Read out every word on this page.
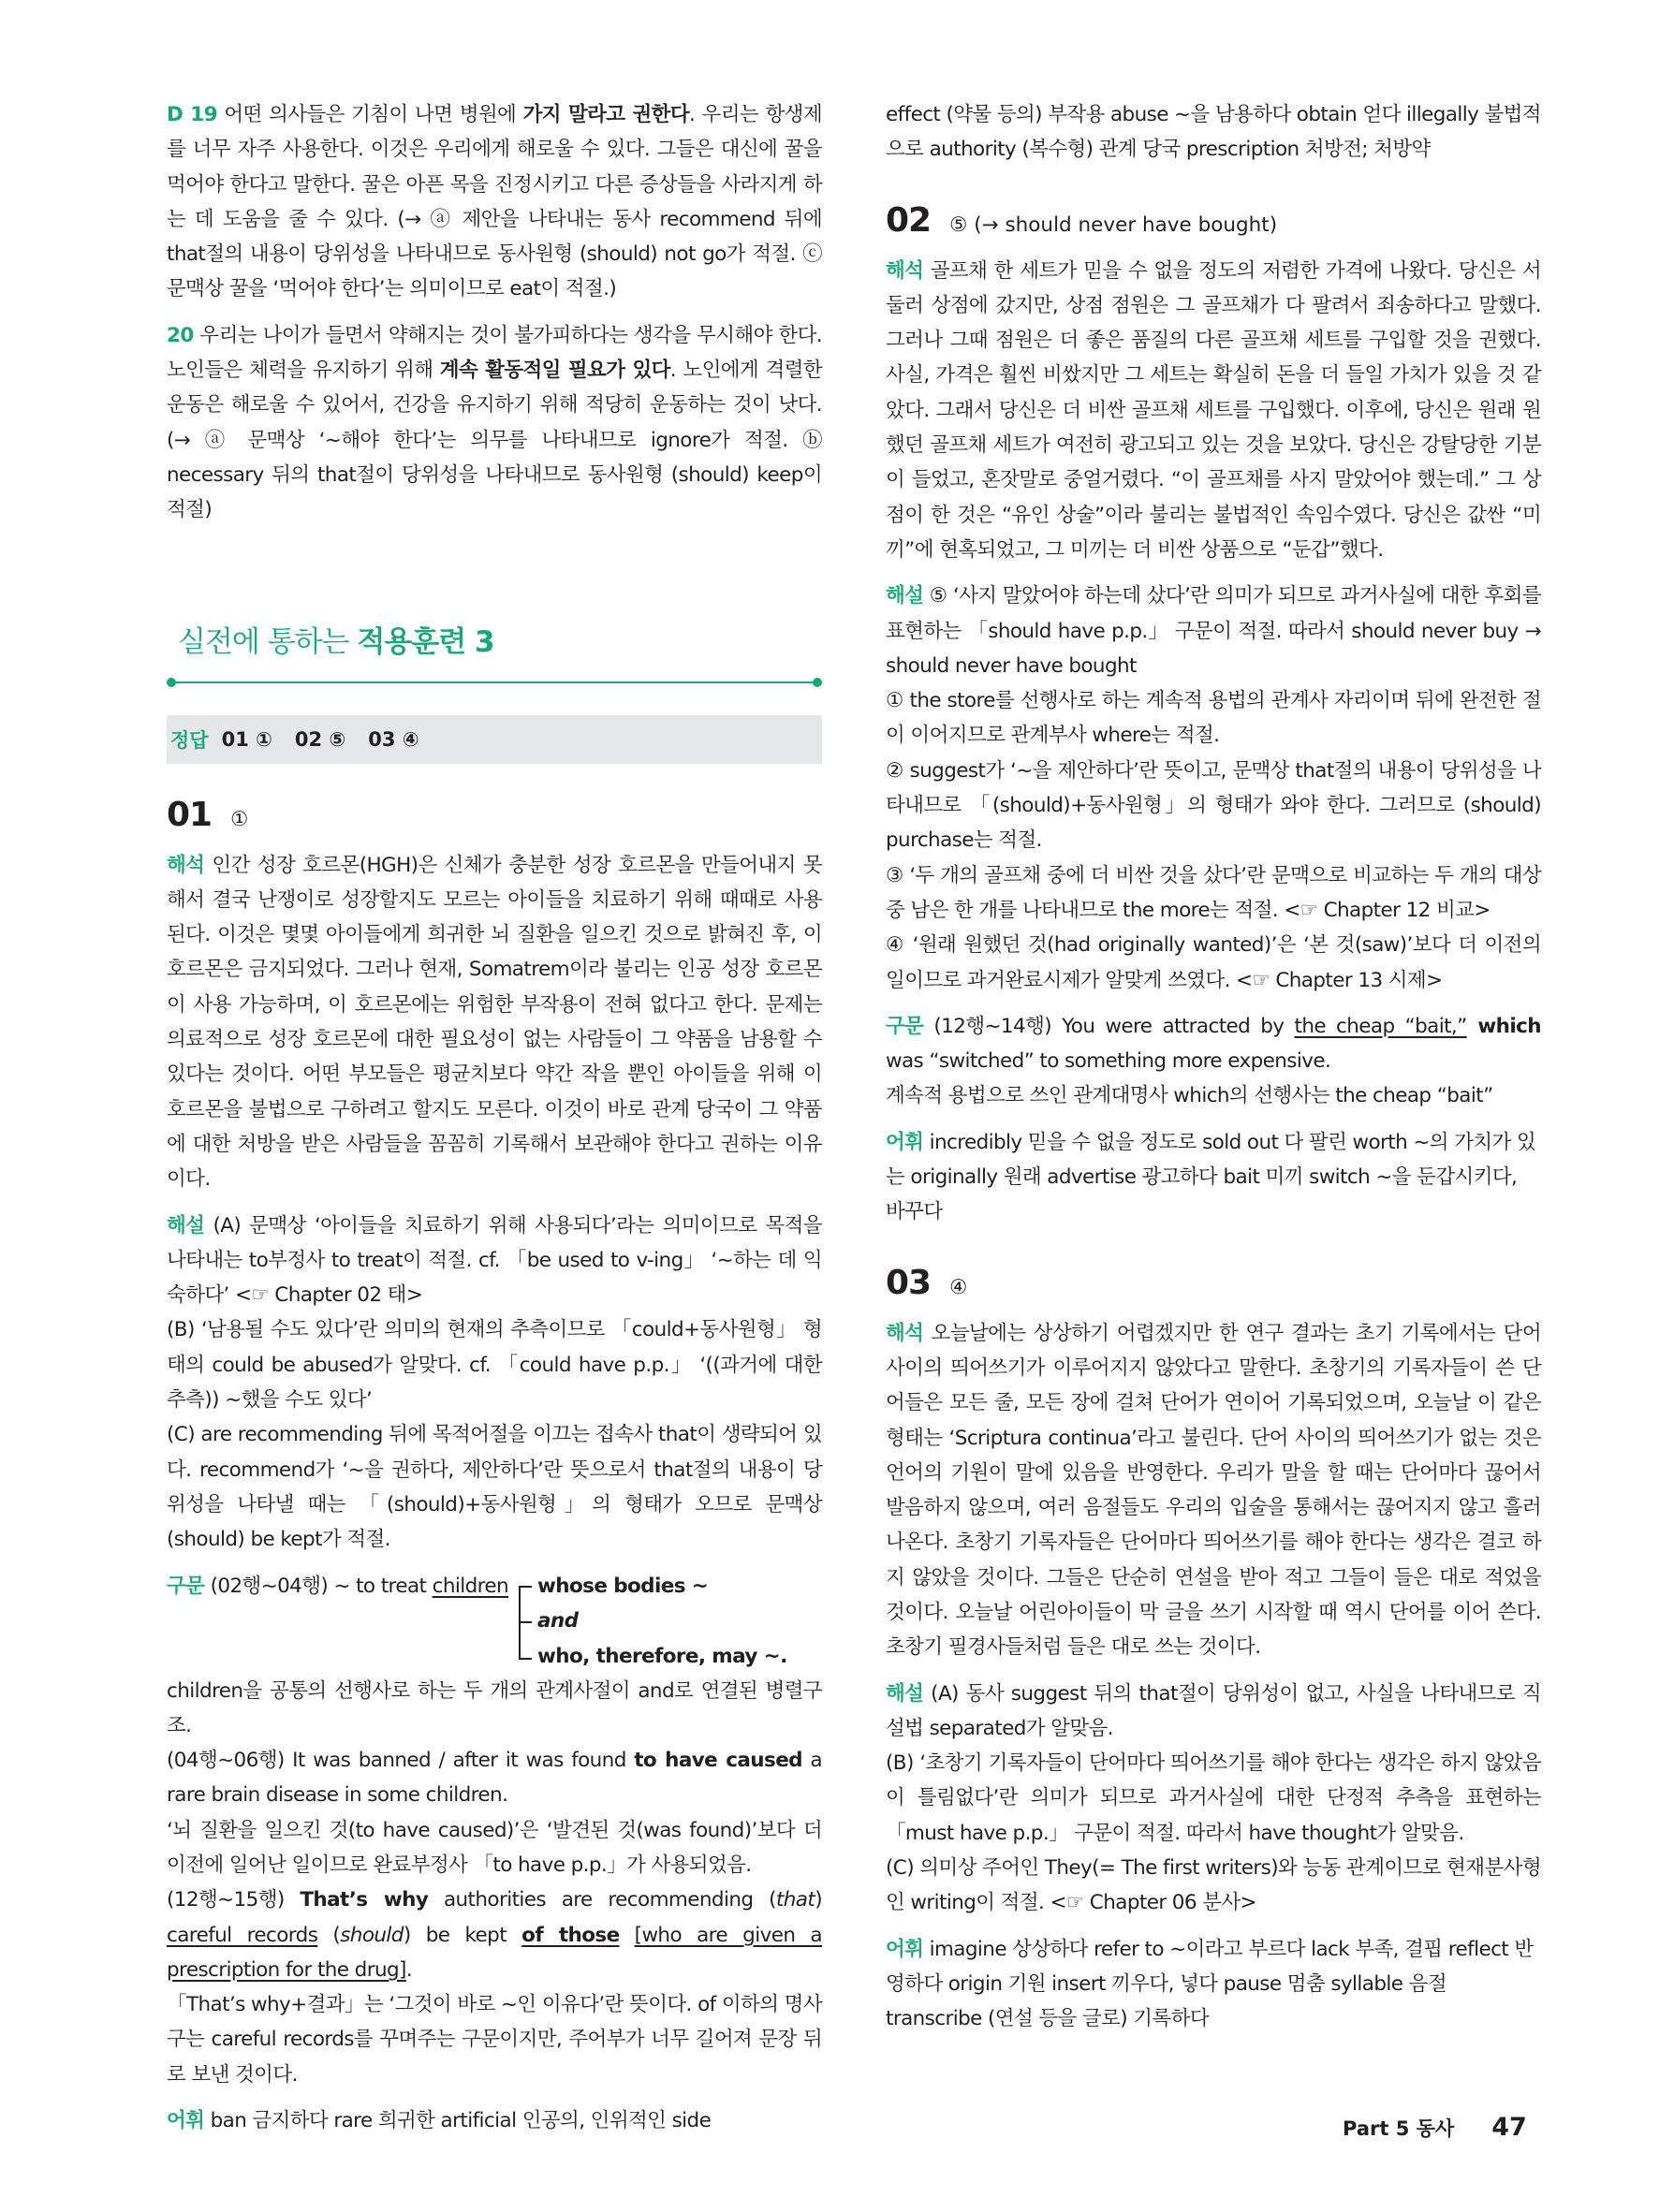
D 19 어떤 의사들은 기침이 나면 병원에 가지 말라고 권한다. 우리는 항생제를 너무 자주 사용한다. 이것은 우리에게 해로울 수 있다. 그들은 대신에 꿀을 먹어야 한다고 말한다. 꿀은 아픈 목을 진정시키고 다른 증상들을 사라지게 하는 데 도움을 줄 수 있다. (→ ⓐ 제안을 나타내는 동사 recommend 뒤에 that절의 내용이 당위성을 나타내므로 동사원형 (should) not go가 적절. ⓒ 문맥상 꿀을 ‘먹어야 한다’는 의미이므로 eat이 적절.)

20 우리는 나이가 들면서 약해지는 것이 불가피하다는 생각을 무시해야 한다. 노인들은 체력을 유지하기 위해 계속 활동적일 필요가 있다. 노인에게 격렬한 운동은 해로울 수 있어서, 건강을 유지하기 위해 적당히 운동하는 것이 낫다. (→ ⓐ 문맥상 ‘~해야 한다’는 의무를 나타내므로 ignore가 적절. ⓑ necessary 뒤의 that절이 당위성을 나타내므로 동사원형 (should) keep이 적절)

실전에 통하는 적용훈련 3
정답 01 ① 02 ⑤ 03 ④
01 ①

해석 인간 성장 호르몬(HGH)은 신체가 충분한 성장 호르몬을 만들어내지 못해서 결국 난쟁이로 성장할지도 모르는 아이들을 치료하기 위해 때때로 사용된다. 이것은 몇몇 아이들에게 희귀한 뇌 질환을 일으킨 것으로 밝혀진 후, 이 호르몬은 금지되었다. 그러나 현재, Somatrem이라 불리는 인공 성장 호르몬이 사용 가능하며, 이 호르몬에는 위험한 부작용이 전혀 없다고 한다. 문제는 의료적으로 성장 호르몬에 대한 필요성이 없는 사람들이 그 약품을 남용할 수 있다는 것이다. 어떤 부모들은 평균치보다 약간 작을 뿐인 아이들을 위해 이 호르몬을 불법으로 구하려고 할지도 모른다. 이것이 바로 관계 당국이 그 약품에 대한 처방을 받은 사람들을 꼼꼼히 기록해서 보관해야 한다고 권하는 이유이다.

해설 (A) 문맥상 ‘아이들을 치료하기 위해 사용되다’라는 의미이므로 목적을 나타내는 to부정사 to treat이 적절. cf. 「be used to v-ing」 ‘~하는 데 익숙하다’ <☞ Chapter 02 태>

(B) ‘남용될 수도 있다’란 의미의 현재의 추측이므로 「could+동사원형」 형태의 could be abused가 알맞다. cf. 「could have p.p.」 ‘((과거에 대한 추측)) ~했을 수도 있다’

(C) are recommending 뒤에 목적어절을 이끄는 접속사 that이 생략되어 있다. recommend가 ‘~을 권하다, 제안하다’란 뜻으로서 that절의 내용이 당위성을 나타낼 때는 「(should)+동사원형」의 형태가 오므로 문맥상 (should) be kept가 적절.

구문 (02행~04행) ~ to treat children whose bodies ~
and
who, therefore, may ~.

children을 공통의 선행사로 하는 두 개의 관계사절이 and로 연결된 병렬구조.

(04행~06행) It was banned / after it was found to have caused a rare brain disease in some children.

‘뇌 질환을 일으킨 것(to have caused)’은 ‘발견된 것(was found)’보다 더 이전에 일어난 일이므로 완료부정사 「to have p.p.」가 사용되었음.

(12행~15행) That’s why authorities are recommending (that) careful records (should) be kept of those [who are given a prescription for the drug].

「That’s why+결과」는 ‘그것이 바로 ~인 이유다’란 뜻이다. of 이하의 명사구는 careful records를 꾸며주는 구문이지만, 주어부가 너무 길어져 문장 뒤로 보낸 것이다.

어휘 ban 금지하다 rare 희귀한 artificial 인공의, 인위적인 side

effect (약물 등의) 부작용 abuse ~을 남용하다 obtain 얻다 illegally 불법적으로 authority (복수형) 관계 당국 prescription 처방전; 처방약

02 ⑤ (→ should never have bought)

해석 골프채 한 세트가 믿을 수 없을 정도의 저렴한 가격에 나왔다. 당신은 서둘러 상점에 갔지만, 상점 점원은 그 골프채가 다 팔려서 죄송하다고 말했다. 그러나 그때 점원은 더 좋은 품질의 다른 골프채 세트를 구입할 것을 권했다. 사실, 가격은 훨씬 비쌌지만 그 세트는 확실히 돈을 더 들일 가치가 있을 것 같았다. 그래서 당신은 더 비싼 골프채 세트를 구입했다. 이후에, 당신은 원래 원했던 골프채 세트가 여전히 광고되고 있는 것을 보았다. 당신은 강탈당한 기분이 들었고, 혼잣말로 중얼거렸다. “이 골프채를 사지 말았어야 했는데.” 그 상점이 한 것은 “유인 상술”이라 불리는 불법적인 속임수였다. 당신은 값싼 “미끼”에 현혹되었고, 그 미끼는 더 비싼 상품으로 “둔갑”했다.

해설 ⑤ ‘사지 말았어야 하는데 샀다’란 의미가 되므로 과거사실에 대한 후회를 표현하는 「should have p.p.」 구문이 적절. 따라서 should never buy → should never have bought

① the store를 선행사로 하는 계속적 용법의 관계사 자리이며 뒤에 완전한 절이 이어지므로 관계부사 where는 적절.

② suggest가 ‘~을 제안하다’란 뜻이고, 문맥상 that절의 내용이 당위성을 나타내므로 「(should)+동사원형」의 형태가 와야 한다. 그러므로 (should) purchase는 적절.

③ ‘두 개의 골프채 중에 더 비싼 것을 샀다’란 문맥으로 비교하는 두 개의 대상 중 남은 한 개를 나타내므로 the more는 적절. <☞ Chapter 12 비교>

④ ‘원래 원했던 것(had originally wanted)’은 ‘본 것(saw)’보다 더 이전의 일이므로 과거완료시제가 알맞게 쓰였다. <☞ Chapter 13 시제>

구문 (12행~14행) You were attracted by the cheap “bait,” which was “switched” to something more expensive.

계속적 용법으로 쓰인 관계대명사 which의 선행사는 the cheap “bait”

어휘 incredibly 믿을 수 없을 정도로 sold out 다 팔린 worth ~의 가치가 있는 originally 원래 advertise 광고하다 bait 미끼 switch ~을 둔갑시키다, 바꾸다

03 ④

해석 오늘날에는 상상하기 어렵겠지만 한 연구 결과는 초기 기록에서는 단어 사이의 띄어쓰기가 이루어지지 않았다고 말한다. 초창기의 기록자들이 쓴 단어들은 모든 줄, 모든 장에 걸쳐 단어가 연이어 기록되었으며, 오늘날 이 같은 형태는 ‘Scriptura continua’라고 불린다. 단어 사이의 띄어쓰기가 없는 것은 언어의 기원이 말에 있음을 반영한다. 우리가 말을 할 때는 단어마다 끊어서 발음하지 않으며, 여러 음절들도 우리의 입술을 통해서는 끊어지지 않고 흘러나온다. 초창기 기록자들은 단어마다 띄어쓰기를 해야 한다는 생각은 결코 하지 않았을 것이다. 그들은 단순히 연설을 받아 적고 그들이 들은 대로 적었을 것이다. 오늘날 어린아이들이 막 글을 쓰기 시작할 때 역시 단어를 이어 쓴다. 초창기 필경사들처럼 들은 대로 쓰는 것이다.

해설 (A) 동사 suggest 뒤의 that절이 당위성이 없고, 사실을 나타내므로 직설법 separated가 알맞음.

(B) ‘초창기 기록자들이 단어마다 띄어쓰기를 해야 한다는 생각은 하지 않았음이 틀림없다’란 의미가 되므로 과거사실에 대한 단정적 추측을 표현하는 「must have p.p.」 구문이 적절. 따라서 have thought가 알맞음.

(C) 의미상 주어인 They(= The first writers)와 능동 관계이므로 현재분사형인 writing이 적절. <☞ Chapter 06 분사>

어휘 imagine 상상하다 refer to ~이라고 부르다 lack 부족, 결핍 reflect 반영하다 origin 기원 insert 끼우다, 넣다 pause 멈춤 syllable 음절 transcribe (연설 등을 글로) 기록하다

Part 5 동사 47
